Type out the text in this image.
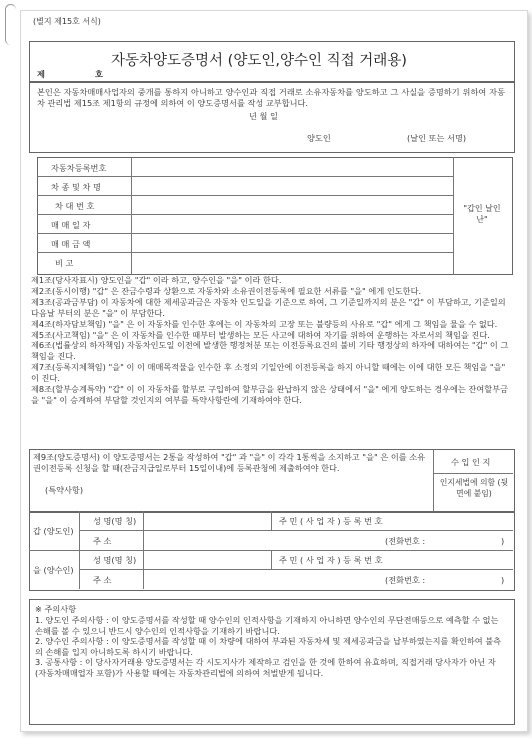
(별지 제15호 서식)
자동차양도증명서 (양도인,양수인 직접 거래용)
제	호
본인은 자동차매매사업자의 중개를 통하지 아니하고 양수인과 직접 거래로 소유자동차를 양도하고 그 사실을 증명하기 위하여 자동차 관리법 제15조 제1항의 규정에 의하여 이 양도증명서를 작성 교부합니다.
년 월 일
양도인	(날인 또는 서명)
자동차등록번호
차 종 및 차 명
차 대 번 호
매 매 일 자
매 매 금 액
비 고
"갑인 날인 난"
제1조(당사자표시) 양도인을 "갑" 이라 하고, 양수인을 "을" 이라 한다.
제2조(동시이행) "갑" 은 잔금수령과 상환으로 자동차와 소유권이전등록에 필요한 서류를 "을" 에게 인도한다.
제3조(공과금부담) 이 자동차에 대한 제세공과금은 자동차 인도일을 기준으로 하여, 그 기준일까지의 분은 "갑" 이 부담하고, 기준일의 다음날 부터의 분은 "을" 이 부담한다.
제4조(하자담보책임) "을" 은 이 자동차를 인수한 후에는 이 자동차의 고장 또는 불량등의 사유로 "갑" 에게 그 책임을 물을 수 없다.
제5조(사고책임) "을" 은 이 자동차를 인수한 때부터 발생하는 모든 사고에 대하여 자기를 위하여 운행하는 자로서의 책임을 진다.
제6조(법률상의 하자책임) 자동차인도일 이전에 발생한 행정처분 또는 이전등록요건의 불비 기타 행정상의 하자에 대하여는 "갑" 이 그 책임을 진다.
제7조(등록지체책임) "을" 이 이 매매목적물을 인수한 후 소정의 기일안에 이전등록을 하지 아니할 때에는 이에 대한 모든 책임을 "을" 이 진다.
제8조(할부승계특약) "갑" 이 이 자동차를 할부로 구입하여 할부금을 완납하지 않은 상태에서 "을" 에게 양도하는 경우에는 잔여할부금을 "을" 이 승계하여 부담할 것인지의 여부를 특약사항란에 기재하여야 한다.
제9조(양도증명서) 이 양도증명서는 2통을 작성하여 "갑" 과 "을" 이 각각 1통씩을 소지하고 "을" 은 이를 소유권이전등록 신청을 할 때(잔금지급일로부터 15일이내)에 등록관청에 제출하여야 한다.
(특약사항)
수 입 인 지
인지세법에 의함 (뒷면에 붙임)
갑 (양도인)
성 명(명 칭)	주 민 ( 사 업 자 ) 등 록 번 호
주 소	(전화번호 :	)
을 (양수인)
성 명(명 칭)	주 민 ( 사 업 자 ) 등 록 번 호
주 소	(전화번호 :	)
※ 주의사항
1. 양도인 주의사항 : 이 양도증명서를 작성할 때 양수인의 인적사항을 기재하지 아니하면 양수인의 무단전매등으로 예측할 수 없는 손해를 볼 수 있으니 반드시 양수인의 인적사항을 기재하기 바랍니다.
2. 양수인 주의사항 : 이 양도증명서를 작성할 때 이 차량에 대하여 부과된 자동차세 및 제세공과금을 납부하였는지를 확인하여 불측의 손해를 입지 아니하도록 하시기 바랍니다.
3. 공통사항 : 이 당사자거래용 양도증명서는 각 시도지사가 제작하고 검인을 한 것에 한하여 유효하며, 직접거래 당사자가 아닌 자(자동차매매업자 포함)가 사용할 때에는 자동차관리법에 의하여 처벌받게 됩니다.
